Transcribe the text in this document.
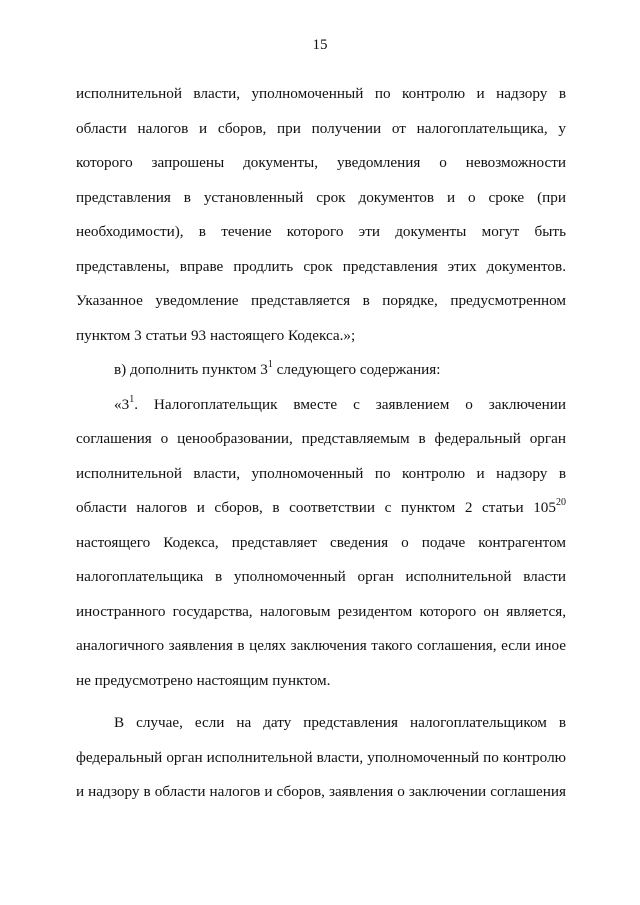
15
исполнительной власти, уполномоченный по контролю и надзору в
области налогов и сборов, при получении от налогоплательщика, у
которого запрошены документы, уведомления о невозможности
представления в установленный срок документов и о сроке (при
необходимости), в течение которого эти документы могут быть
представлены, вправе продлить срок представления этих документов.
Указанное уведомление представляется в порядке, предусмотренном
пунктом 3 статьи 93 настоящего Кодекса.»;
в) дополнить пунктом $3^1$ следующего содержания:
«$3^1$. Налогоплательщик вместе с заявлением о заключении
соглашения о ценообразовании, представляемым в федеральный орган
исполнительной власти, уполномоченный по контролю и надзору в
области налогов и сборов, в соответствии с пунктом 2 статьи $105^{20}$
настоящего Кодекса, представляет сведения о подаче контрагентом
налогоплательщика в уполномоченный орган исполнительной власти
иностранного государства, налоговым резидентом которого он является,
аналогичного заявления в целях заключения такого соглашения, если иное
не предусмотрено настоящим пунктом.
В случае, если на дату представления налогоплательщиком в
федеральный орган исполнительной власти, уполномоченный по контролю
и надзору в области налогов и сборов, заявления о заключении соглашения
